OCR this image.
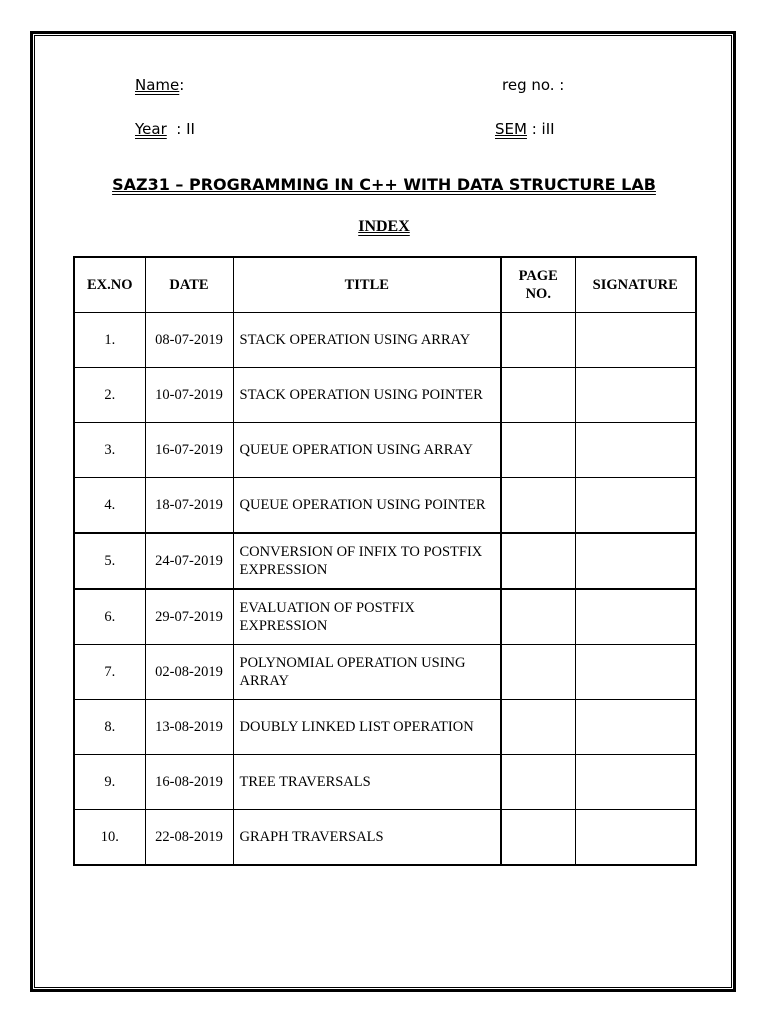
Name:	reg no. :
Year  : II	SEM : iII
SAZ31 – PROGRAMMING IN C++ WITH DATA STRUCTURE LAB
INDEX
EX.NO	DATE	TITLE	PAGE NO.	SIGNATURE
1.	08-07-2019	STACK OPERATION USING ARRAY		
2.	10-07-2019	STACK OPERATION USING POINTER		
3.	16-07-2019	QUEUE OPERATION USING ARRAY		
4.	18-07-2019	QUEUE OPERATION USING POINTER		
5.	24-07-2019	CONVERSION OF INFIX TO POSTFIX EXPRESSION		
6.	29-07-2019	EVALUATION OF POSTFIX EXPRESSION		
7.	02-08-2019	POLYNOMIAL OPERATION USING ARRAY		
8.	13-08-2019	DOUBLY LINKED LIST OPERATION		
9.	16-08-2019	TREE TRAVERSALS		
10.	22-08-2019	GRAPH TRAVERSALS		
